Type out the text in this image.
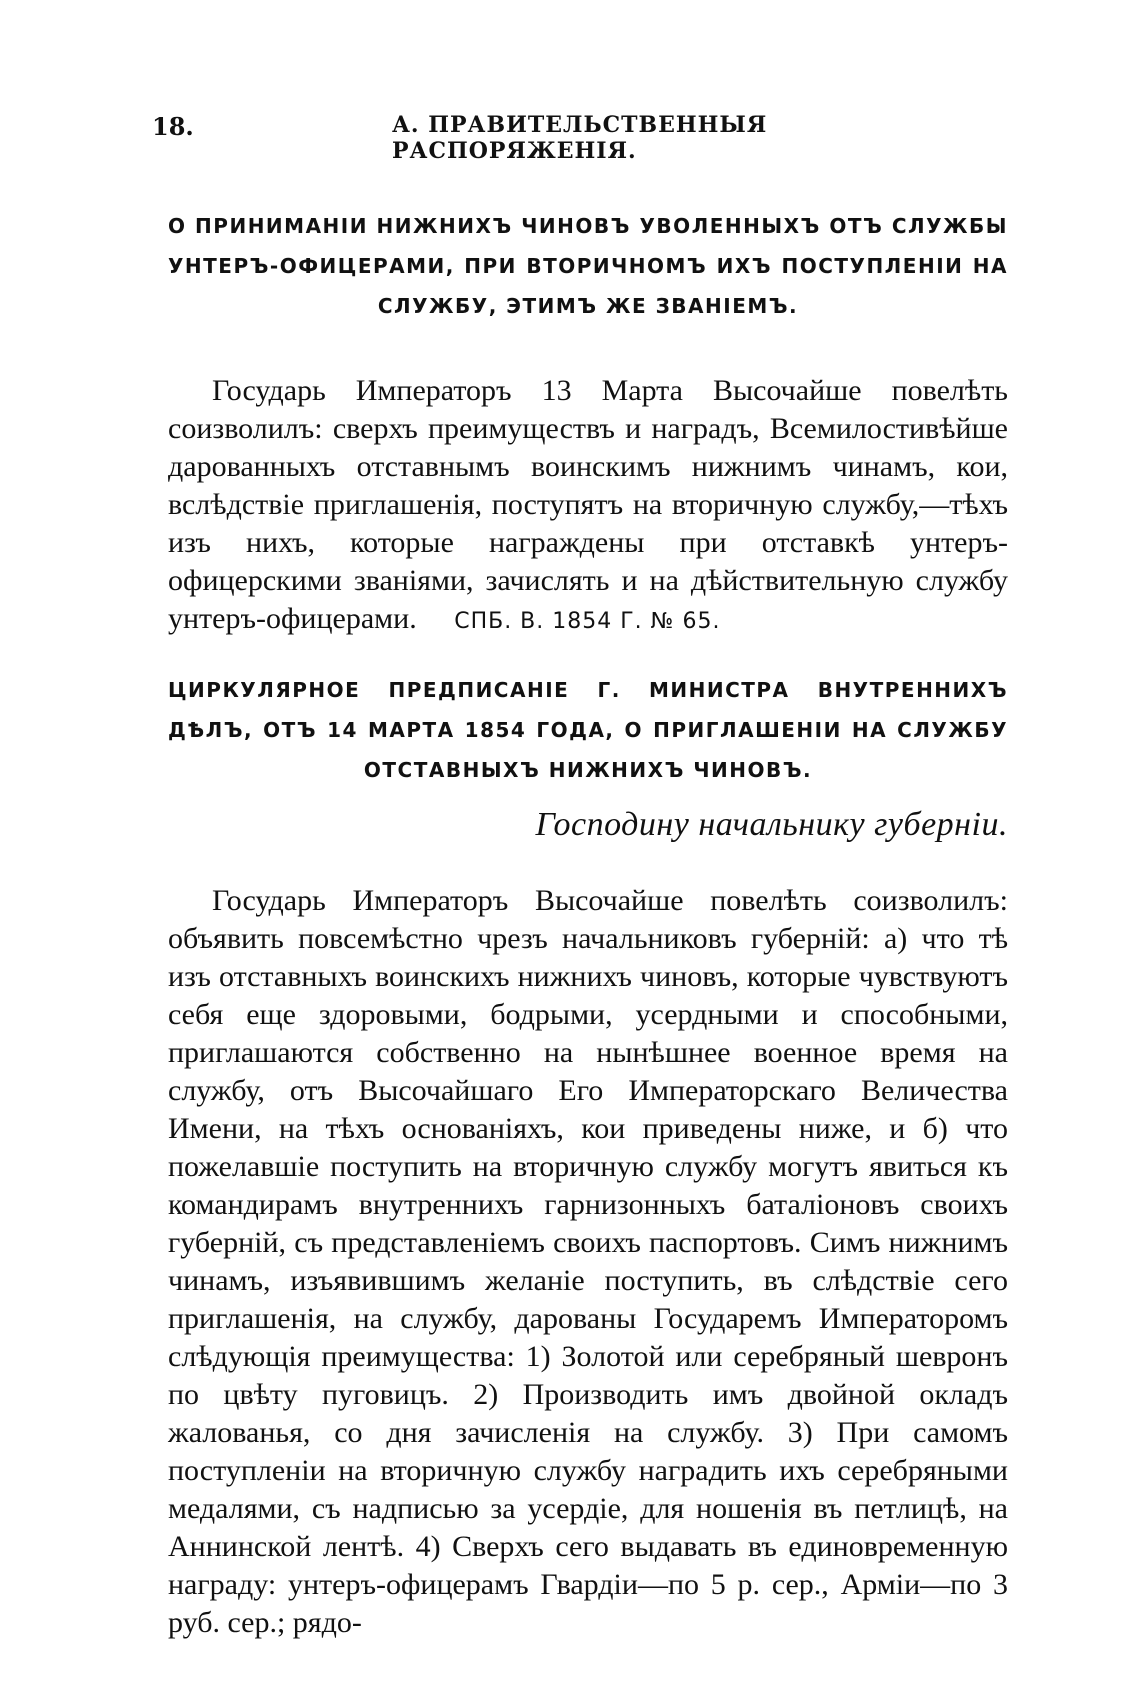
18.	А. ПРАВИТЕЛЬСТВЕННЫЯ РАСПОРЯЖЕНІЯ.
О ПРИНИМАНІИ НИЖНИХЪ ЧИНОВЪ УВОЛЕННЫХЪ ОТЪ СЛУЖБЫ УНТЕРЪ-ОФИЦЕРАМИ, ПРИ ВТОРИЧНОМЪ ИХЪ ПОСТУПЛЕНІИ НА СЛУЖБУ, ЭТИМЪ ЖЕ ЗВАНІЕМЪ.

Государь Императоръ 13 Марта Высочайше повелѣть соизволилъ: сверхъ преимуществъ и наградъ, Всемилостивѣйше дарованныхъ отставнымъ воинскимъ нижнимъ чинамъ, кои, вслѣдствіе приглашенія, поступятъ на вторичную службу,—тѣхъ изъ нихъ, которые награждены при отставкѣ унтеръ-офицерскими званіями, зачислять и на дѣйствительную службу унтеръ-офицерами. СПБ. В. 1854 Г. № 65.

ЦИРКУЛЯРНОЕ ПРЕДПИСАНІЕ Г. МИНИСТРА ВНУТРЕННИХЪ ДѢЛЪ, ОТЪ 14 МАРТА 1854 ГОДА, О ПРИГЛАШЕНІИ НА СЛУЖБУ ОТСТАВНЫХЪ НИЖНИХЪ ЧИНОВЪ.
Господину начальнику губерніи.

Государь Императоръ Высочайше повелѣть соизволилъ: объявить повсемѣстно чрезъ начальниковъ губерній: а) что тѣ изъ отставныхъ воинскихъ нижнихъ чиновъ, которые чувствуютъ себя еще здоровыми, бодрыми, усердными и способными, приглашаются собственно на нынѣшнее военное время на службу, отъ Высочайшаго Его Императорскаго Величества Имени, на тѣхъ основаніяхъ, кои приведены ниже, и б) что пожелавшіе поступить на вторичную службу могутъ явиться къ командирамъ внутреннихъ гарнизонныхъ баталіоновъ своихъ губерній, съ представленіемъ своихъ паспортовъ. Симъ нижнимъ чинамъ, изъявившимъ желаніе поступить, въ слѣдствіе сего приглашенія, на службу, дарованы Государемъ Императоромъ слѣдующія преимущества: 1) Золотой или серебряный шевронъ по цвѣту пуговицъ. 2) Производить имъ двойной окладъ жалованья, со дня зачисленія на службу. 3) При самомъ поступленіи на вторичную службу наградить ихъ серебряными медалями, съ надписью за усердіе, для ношенія въ петлицѣ, на Аннинской лентѣ. 4) Сверхъ сего выдавать въ единовременную награду: унтеръ-офицерамъ Гвардіи—по 5 р. сер., Арміи—по 3 руб. сер.; рядо-
